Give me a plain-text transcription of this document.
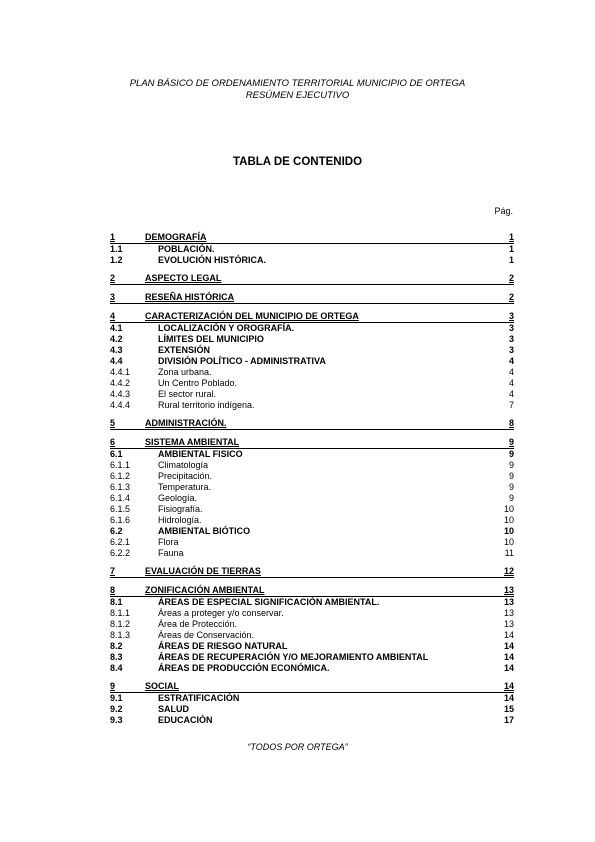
PLAN BÁSICO DE ORDENAMIENTO TERRITORIAL MUNICIPIO DE ORTEGA
RESÚMEN EJECUTIVO
TABLA DE CONTENIDO
Pág.
1	DEMOGRAFÍA	1
1.1	POBLACIÓN.	1
1.2	EVOLUCIÓN HISTÓRICA.	1
2	ASPECTO LEGAL	2
3	RESEÑA HISTÓRICA	2
4	CARACTERIZACIÓN DEL MUNICIPIO DE ORTEGA	3
4.1	LOCALIZACIÓN Y OROGRAFÍA.	3
4.2	LÍMITES DEL MUNICIPIO	3
4.3	EXTENSIÓN	3
4.4	DIVISIÓN POLÍTICO - ADMINISTRATIVA	4
4.4.1	Zona urbana.	4
4.4.2	Un Centro Poblado.	4
4.4.3	El sector rural.	4
4.4.4	Rural territorio indígena.	7
5	ADMINISTRACIÓN.	8
6	SISTEMA AMBIENTAL	9
6.1	AMBIENTAL FISICO	9
6.1.1	Climatología	9
6.1.2	Precipitación.	9
6.1.3	Temperatura.	9
6.1.4	Geología.	9
6.1.5	Fisiografía.	10
6.1.6	Hidrología.	10
6.2	AMBIENTAL BIÓTICO	10
6.2.1	Flora	10
6.2.2	Fauna	11
7	EVALUACIÓN DE TIERRAS	12
8	ZONIFICACIÓN AMBIENTAL	13
8.1	ÁREAS DE ESPECIAL SIGNIFICACIÓN AMBIENTAL.	13
8.1.1	Áreas a proteger y/o conservar.	13
8.1.2	Área de Protección.	13
8.1.3	Áreas de Conservación.	14
8.2	ÁREAS DE RIESGO NATURAL	14
8.3	ÁREAS DE RECUPERACIÓN Y/O MEJORAMIENTO AMBIENTAL	14
8.4	ÁREAS DE PRODUCCIÓN ECONÓMICA.	14
9	SOCIAL	14
9.1	ESTRATIFICACIÓN	14
9.2	SALUD	15
9.3	EDUCACIÓN	17
“TODOS POR ORTEGA”
